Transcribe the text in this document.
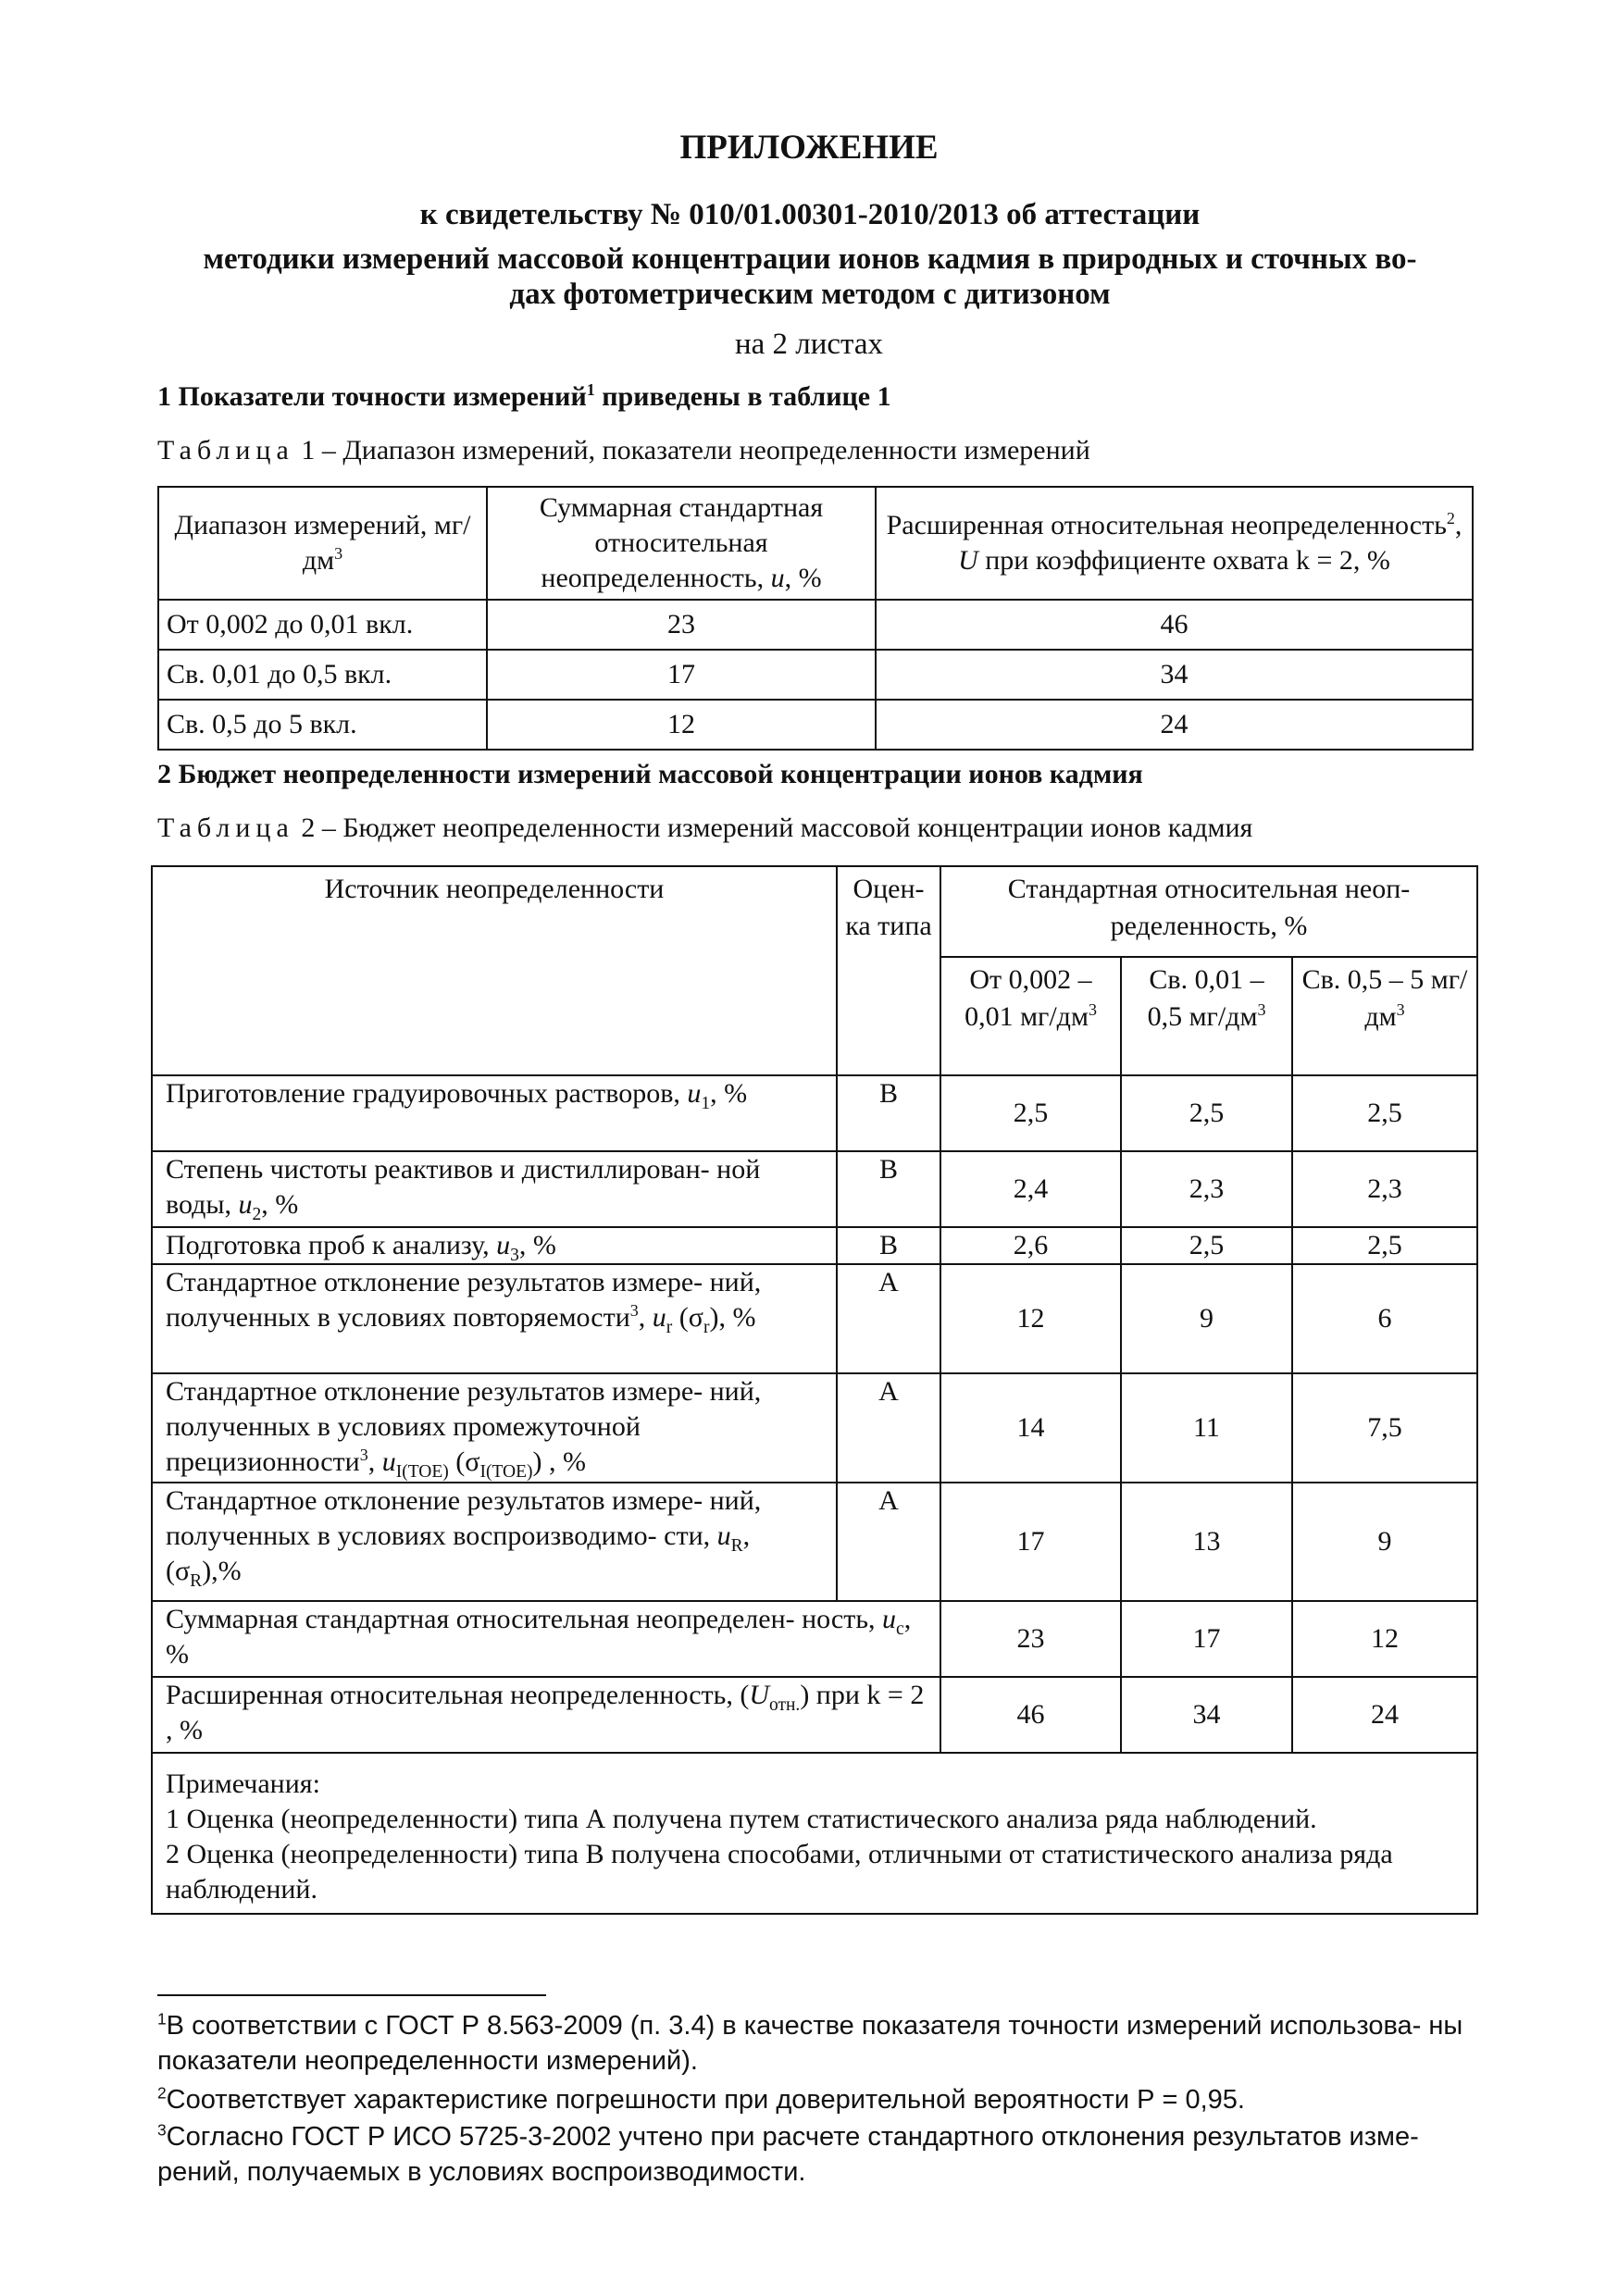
ПРИЛОЖЕНИЕ
к свидетельству № 010/01.00301-2010/2013 об аттестации
методики измерений массовой концентрации ионов кадмия в природных и сточных во-
дах фотометрическим методом с дитизоном
на 2 листах
1 Показатели точности измерений$^1$ приведены в таблице 1
Таблица 1 – Диапазон измерений, показатели неопределенности измерений
Диапазон измерений, $мг/дм^3$	Суммарная стандартная относительная неопределенность, u, %	Расширенная относительная неопределенность$^2$, U при коэффициенте охвата k = 2, %
От 0,002 до 0,01 вкл.	23	46
Св. 0,01 до 0,5 вкл.	17	34
Св. 0,5 до 5 вкл.	12	24
2 Бюджет неопределенности измерений массовой концентрации ионов кадмия
Таблица 2 – Бюджет неопределенности измерений массовой концентрации ионов кадмия
Источник неопределенности	Оцен- ка типа	Стандартная относительная неоп- ределенность, %		
		От 0,002 – 0,01 $мг/дм^3$	Св. 0,01 – 0,5 $мг/дм^3$	Св. 0,5 – 5 $мг/дм^3$
Приготовление градуировочных растворов, $u_1$, %	B	2,5	2,5	2,5
Степень чистоты реактивов и дистиллирован- ной воды, $u_2$, %	B	2,4	2,3	2,3
Подготовка проб к анализу, $u_3$, %	B	2,6	2,5	2,5
Стандартное отклонение результатов измере- ний, полученных в условиях повторяемости$^3$, $u_r$ $(\sigma_r)$, %	A	12	9	6
Стандартное отклонение результатов измере- ний, полученных в условиях промежуточной прецизионности$^3$, $u_{I(TOE)}$ $(\sigma_{I(TOE)})$ , %	A	14	11	7,5
Стандартное отклонение результатов измере- ний, полученных в условиях воспроизводимо- сти, $u_R$, $(\sigma_R),\%$	A	17	13	9
Суммарная стандартная относительная неопределен- ность, $u_c$, %		23	17	12
Расширенная относительная неопределенность, $(U_{отн.})$ при k = 2 , %		46	34	24

Примечания:
1 Оценка (неопределенности) типа А получена путем статистического анализа ряда наблюдений.
2 Оценка (неопределенности) типа В получена способами, отличными от статистического анализа ряда наблюдений.				
$^1$В соответствии с ГОСТ Р 8.563-2009 (п. 3.4) в качестве показателя точности измерений использова- ны показатели неопределенности измерений).
$^2$Соответствует характеристике погрешности при доверительной вероятности Р = 0,95.
$^3$Согласно ГОСТ Р ИСО 5725-3-2002 учтено при расчете стандартного отклонения результатов изме- рений, получаемых в условиях воспроизводимости.
